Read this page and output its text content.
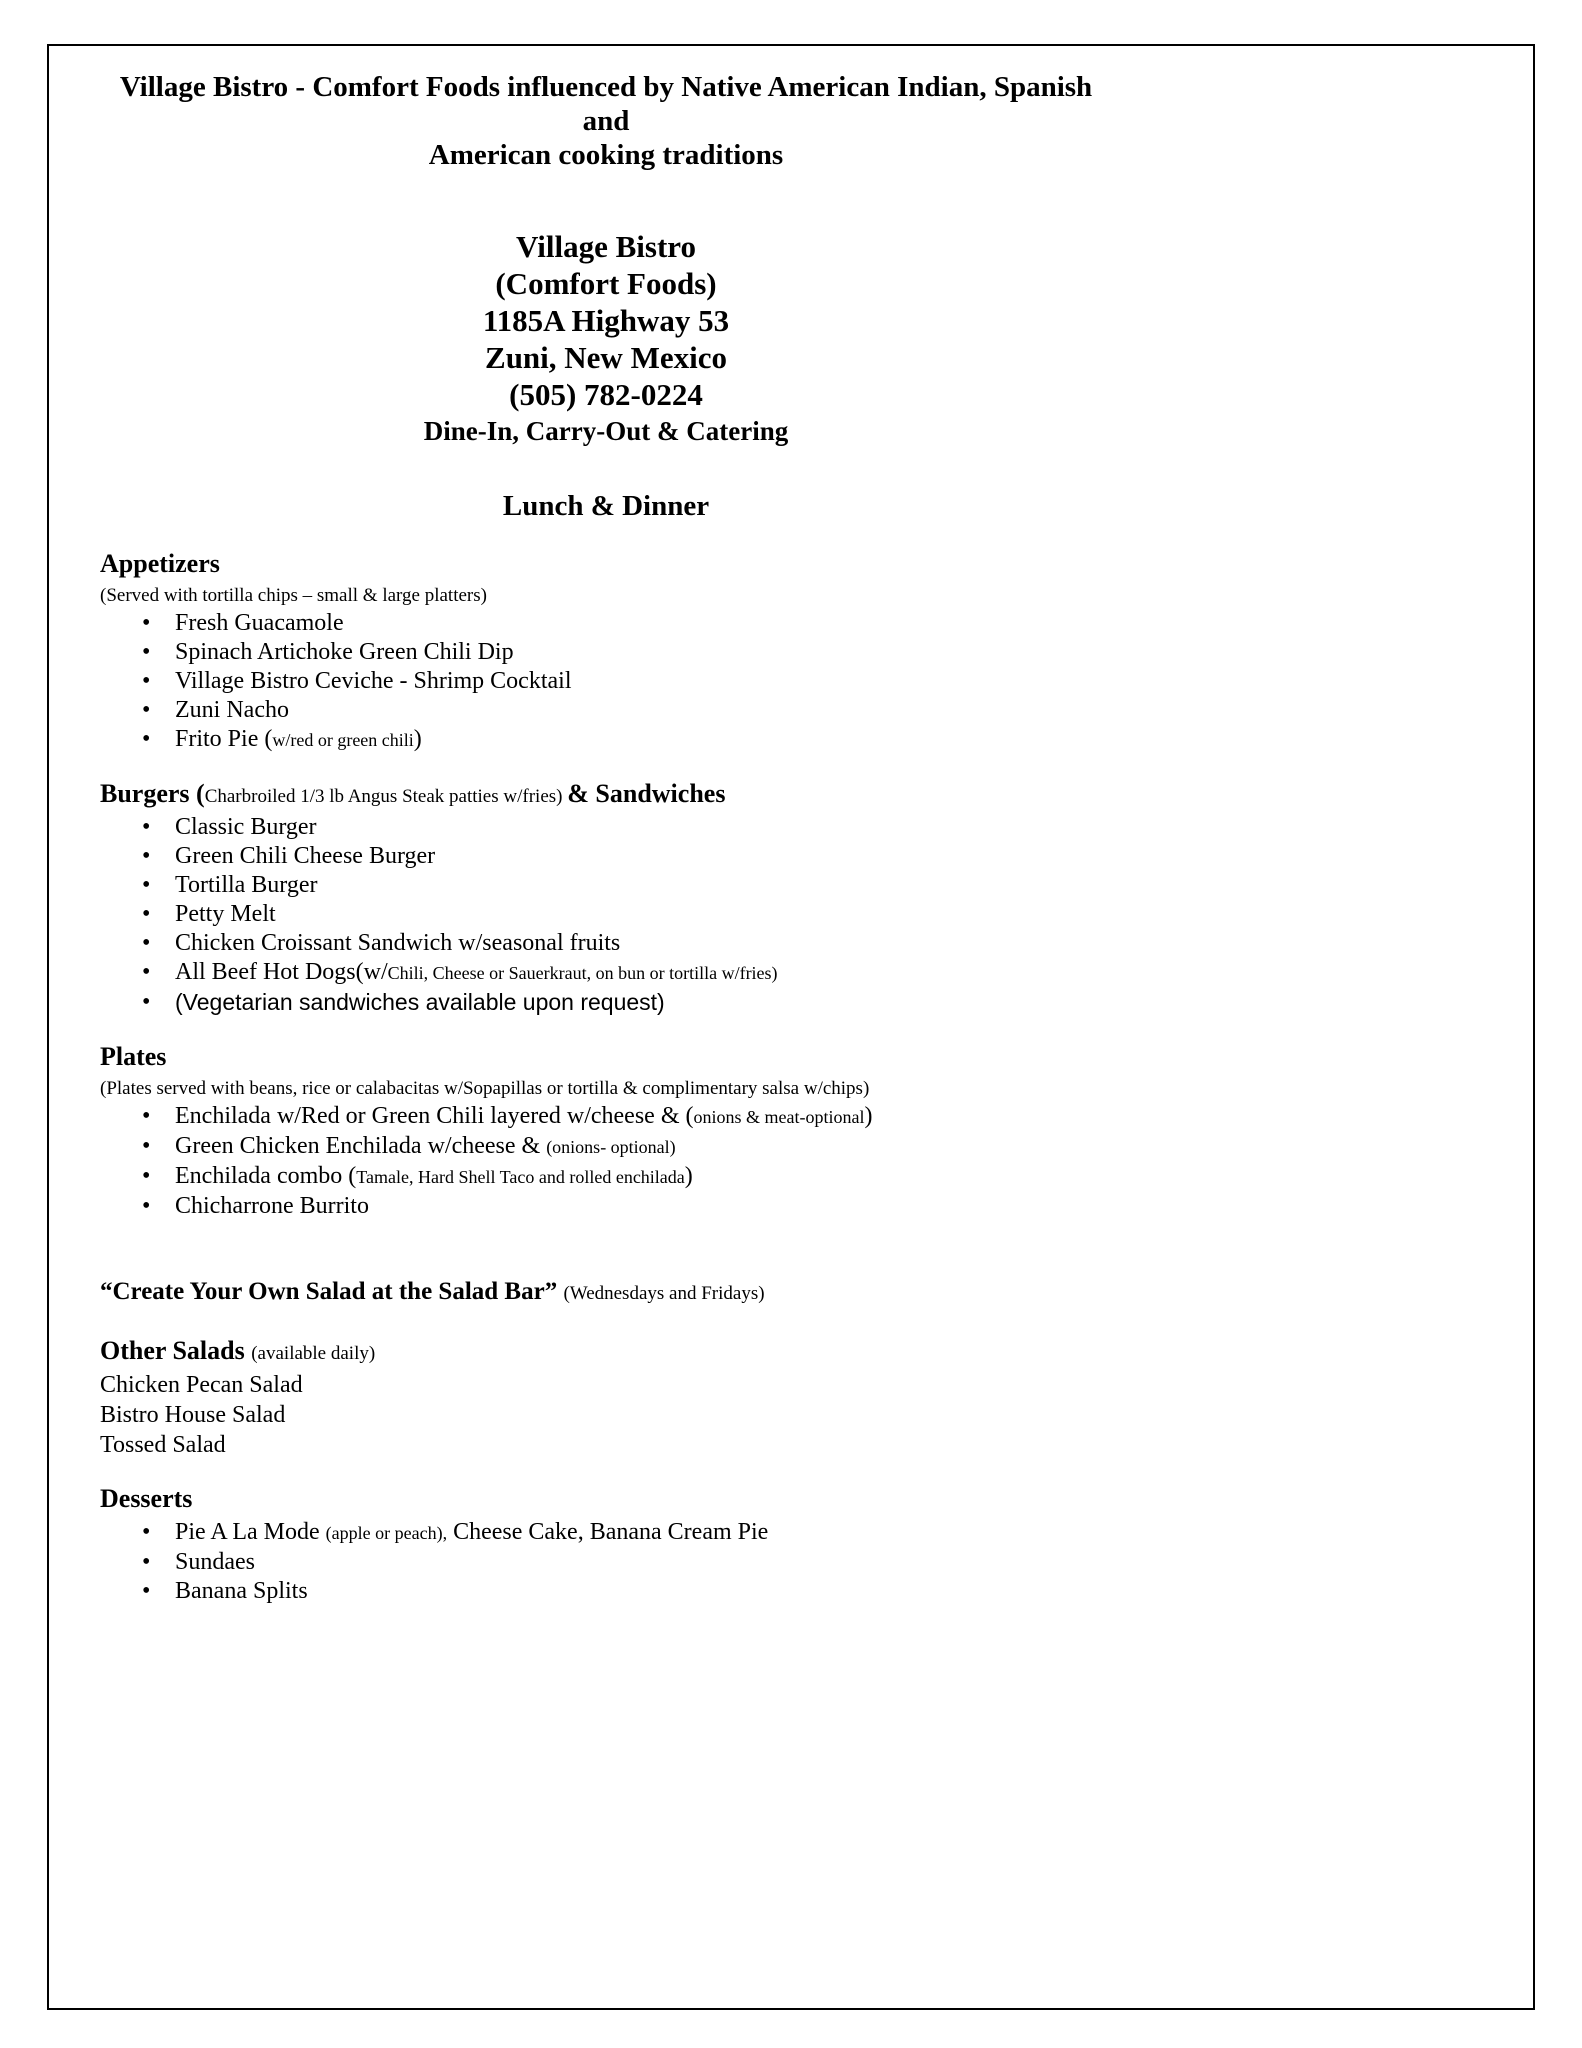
Village Bistro - Comfort Foods influenced by Native American Indian, Spanish and
American cooking traditions
Village Bistro
(Comfort Foods)
1185A Highway 53
Zuni, New Mexico
(505) 782-0224
Dine-In, Carry-Out & Catering
Lunch & Dinner
Appetizers
(Served with tortilla chips – small & large platters)
•	Fresh Guacamole
•	Spinach Artichoke Green Chili Dip
•	Village Bistro Ceviche - Shrimp Cocktail
•	Zuni Nacho
•	Frito Pie (w/red or green chili)
Burgers (Charbroiled 1/3 lb Angus Steak patties w/fries) & Sandwiches
•	Classic Burger
•	Green Chili Cheese Burger
•	Tortilla Burger
•	Petty Melt
•	Chicken Croissant Sandwich w/seasonal fruits
•	All Beef Hot Dogs(w/Chili, Cheese or Sauerkraut, on bun or tortilla w/fries)
•	(Vegetarian sandwiches available upon request)
Plates
(Plates served with beans, rice or calabacitas w/Sopapillas or tortilla & complimentary salsa w/chips)
•	Enchilada w/Red or Green Chili layered w/cheese & (onions & meat-optional)
•	Green Chicken Enchilada w/cheese & (onions- optional)
•	Enchilada combo (Tamale, Hard Shell Taco and rolled enchilada)
•	Chicharrone Burrito
“Create Your Own Salad at the Salad Bar” (Wednesdays and Fridays)
Other Salads (available daily)
Chicken Pecan Salad
Bistro House Salad
Tossed Salad
Desserts
•	Pie A La Mode (apple or peach), Cheese Cake, Banana Cream Pie
•	Sundaes
•	Banana Splits
